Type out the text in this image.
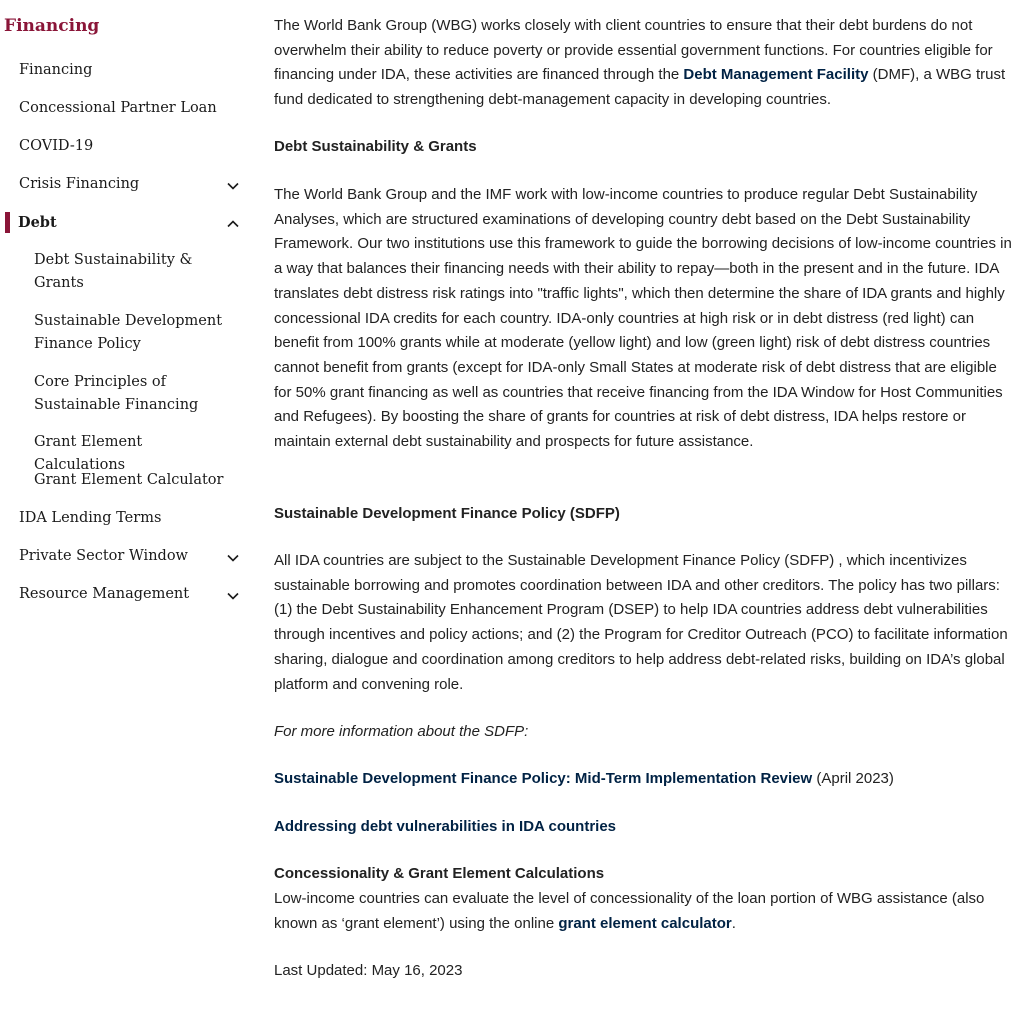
Financing
Financing
Concessional Partner Loan
COVID-19
Crisis Financing
Debt
Debt Sustainability & Grants
Sustainable Development Finance Policy
Core Principles of Sustainable Financing
Grant Element Calculations
Grant Element Calculator
IDA Lending Terms
Private Sector Window
Resource Management

The World Bank Group (WBG) works closely with client countries to ensure that their debt burdens do not overwhelm their ability to reduce poverty or provide essential government functions. For countries eligible for financing under IDA, these activities are financed through the Debt Management Facility (DMF), a WBG trust fund dedicated to strengthening debt-management capacity in developing countries.

Debt Sustainability & Grants

The World Bank Group and the IMF work with low-income countries to produce regular Debt Sustainability Analyses, which are structured examinations of developing country debt based on the Debt Sustainability Framework. Our two institutions use this framework to guide the borrowing decisions of low-income countries in a way that balances their financing needs with their ability to repay—both in the present and in the future. IDA translates debt distress risk ratings into "traffic lights", which then determine the share of IDA grants and highly concessional IDA credits for each country. IDA-only countries at high risk or in debt distress (red light) can benefit from 100% grants while at moderate (yellow light) and low (green light) risk of debt distress countries cannot benefit from grants (except for IDA-only Small States at moderate risk of debt distress that are eligible for 50% grant financing as well as countries that receive financing from the IDA Window for Host Communities and Refugees). By boosting the share of grants for countries at risk of debt distress, IDA helps restore or maintain external debt sustainability and prospects for future assistance.

Sustainable Development Finance Policy (SDFP)

All IDA countries are subject to the Sustainable Development Finance Policy (SDFP) , which incentivizes sustainable borrowing and promotes coordination between IDA and other creditors. The policy has two pillars: (1) the Debt Sustainability Enhancement Program (DSEP) to help IDA countries address debt vulnerabilities through incentives and policy actions; and (2) the Program for Creditor Outreach (PCO) to facilitate information sharing, dialogue and coordination among creditors to help address debt-related risks, building on IDA’s global platform and convening role.

For more information about the SDFP:
Sustainable Development Finance Policy: Mid-Term Implementation Review (April 2023)
Addressing debt vulnerabilities in IDA countries
Concessionality & Grant Element Calculations

Low-income countries can evaluate the level of concessionality of the loan portion of WBG assistance (also known as ‘grant element’) using the online grant element calculator.

Last Updated: May 16, 2023
